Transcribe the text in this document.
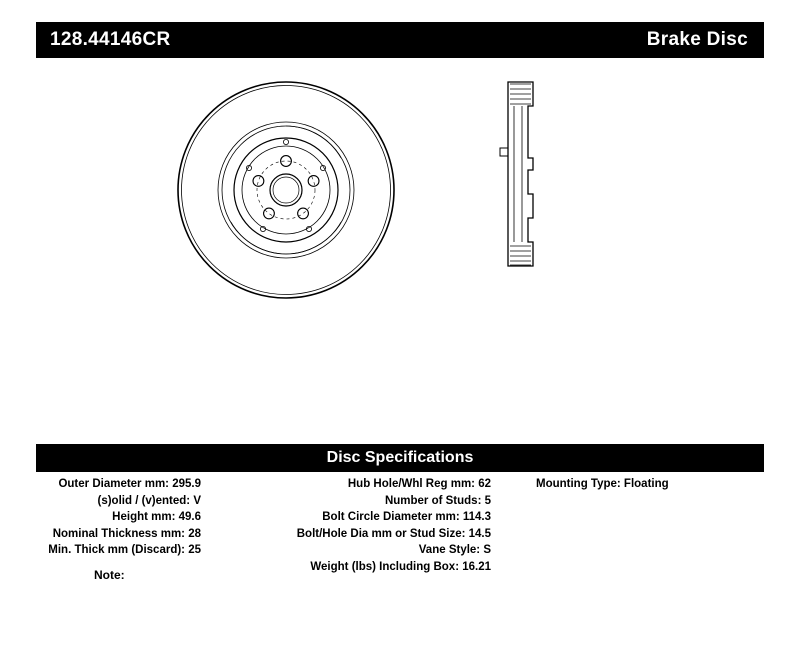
128.44146CR	Brake Disc
Disc Specifications
Outer Diameter mm: 295.9
(s)olid / (v)ented: V
Height mm: 49.6
Nominal Thickness mm: 28
Min. Thick mm (Discard): 25
Hub Hole/Whl Reg mm: 62
Number of Studs: 5
Bolt Circle Diameter mm: 114.3
Bolt/Hole Dia mm or Stud Size: 14.5
Vane Style: S
Weight (lbs) Including Box: 16.21
Mounting Type: Floating
Note:
